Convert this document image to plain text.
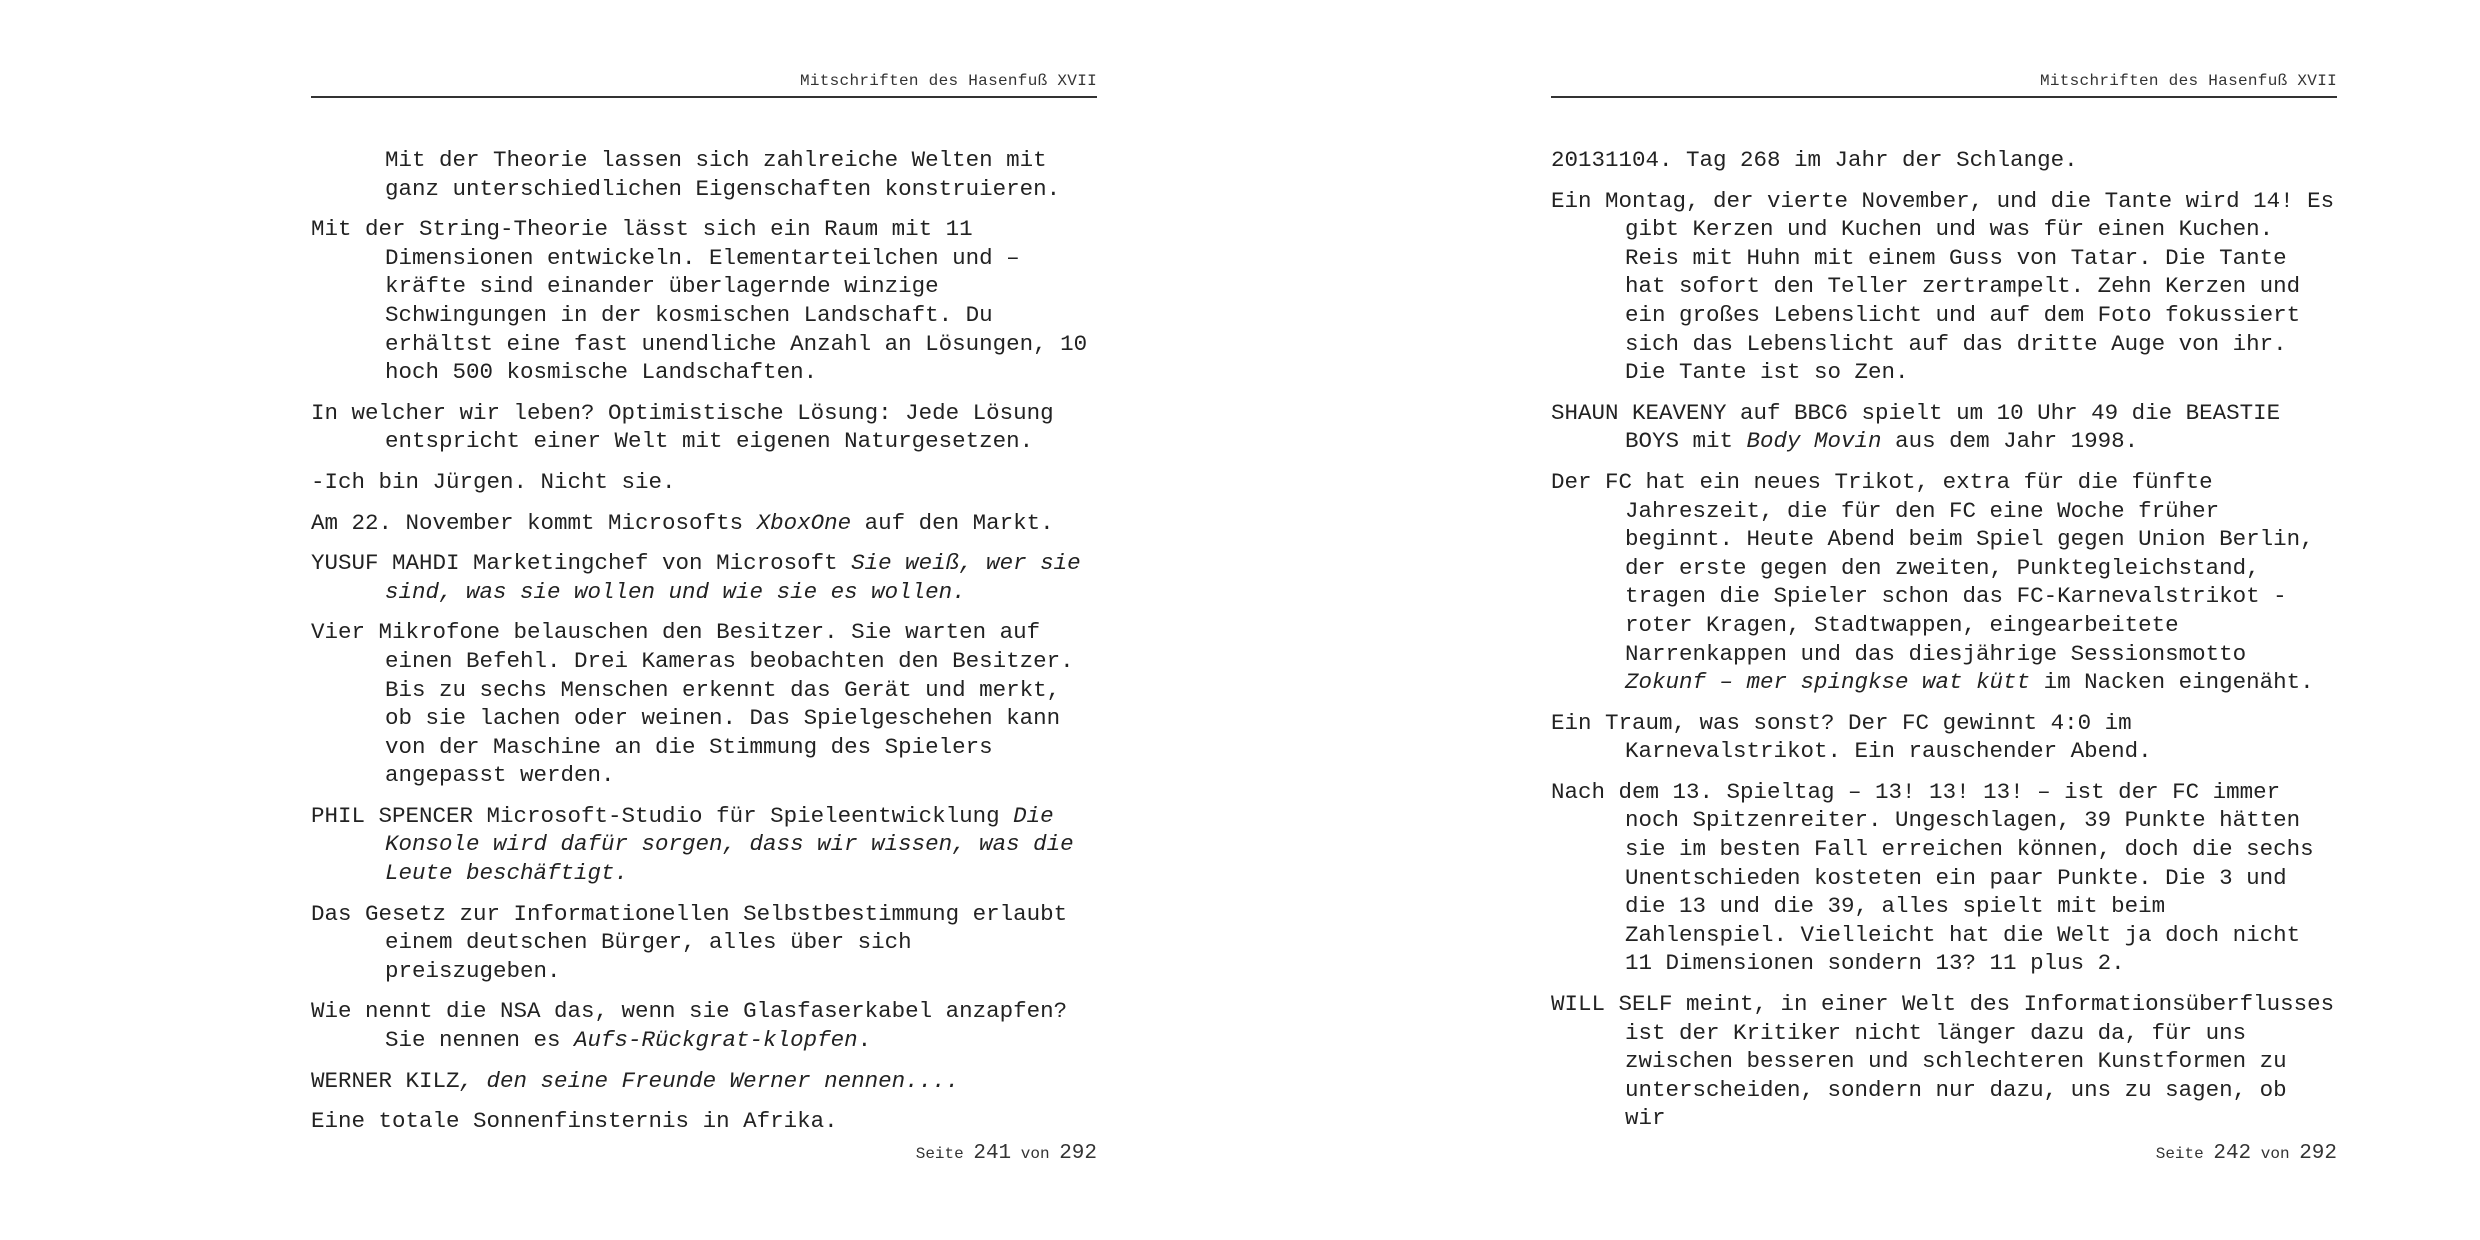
Mitschriften des Hasenfuß XVII

Mit der Theorie lassen sich zahlreiche Welten mit ganz unterschiedlichen Eigenschaften konstruieren.

Mit der String-Theorie lässt sich ein Raum mit 11 Dimensionen entwickeln. Elementarteilchen und –kräfte sind einander überlagernde winzige Schwingungen in der kosmischen Landschaft. Du erhältst eine fast unendliche Anzahl an Lösungen, 10 hoch 500 kosmische Landschaften.

In welcher wir leben? Optimistische Lösung: Jede Lösung entspricht einer Welt mit eigenen Naturgesetzen.

-Ich bin Jürgen. Nicht sie.

Am 22. November kommt Microsofts XboxOne auf den Markt.

YUSUF MAHDI Marketingchef von Microsoft Sie weiß, wer sie sind, was sie wollen und wie sie es wollen.

Vier Mikrofone belauschen den Besitzer. Sie warten auf einen Befehl. Drei Kameras beobachten den Besitzer. Bis zu sechs Menschen erkennt das Gerät und merkt, ob sie lachen oder weinen. Das Spielgeschehen kann von der Maschine an die Stimmung des Spielers angepasst werden.

PHIL SPENCER Microsoft-Studio für Spieleentwicklung Die Konsole wird dafür sorgen, dass wir wissen, was die Leute beschäftigt.

Das Gesetz zur Informationellen Selbstbestimmung erlaubt einem deutschen Bürger, alles über sich preiszugeben.

Wie nennt die NSA das, wenn sie Glasfaserkabel anzapfen? Sie nennen es Aufs-Rückgrat-klopfen.

WERNER KILZ, den seine Freunde Werner nennen....

Eine totale Sonnenfinsternis in Afrika.

Seite 241 von 292
Mitschriften des Hasenfuß XVII

20131104. Tag 268 im Jahr der Schlange.

Ein Montag, der vierte November, und die Tante wird 14! Es gibt Kerzen und Kuchen und was für einen Kuchen. Reis mit Huhn mit einem Guss von Tatar. Die Tante hat sofort den Teller zertrampelt. Zehn Kerzen und ein großes Lebenslicht und auf dem Foto fokussiert sich das Lebenslicht auf das dritte Auge von ihr. Die Tante ist so Zen.

SHAUN KEAVENY auf BBC6 spielt um 10 Uhr 49 die BEASTIE BOYS mit Body Movin aus dem Jahr 1998.

Der FC hat ein neues Trikot, extra für die fünfte Jahreszeit, die für den FC eine Woche früher beginnt. Heute Abend beim Spiel gegen Union Berlin, der erste gegen den zweiten, Punktegleichstand, tragen die Spieler schon das FC-Karnevalstrikot - roter Kragen, Stadtwappen, eingearbeitete Narrenkappen und das diesjährige Sessionsmotto Zokunf – mer spingkse wat kütt im Nacken eingenäht.

Ein Traum, was sonst? Der FC gewinnt 4:0 im Karnevalstrikot. Ein rauschender Abend.

Nach dem 13. Spieltag – 13! 13! 13! – ist der FC immer noch Spitzenreiter. Ungeschlagen, 39 Punkte hätten sie im besten Fall erreichen können, doch die sechs Unentschieden kosteten ein paar Punkte. Die 3 und die 13 und die 39, alles spielt mit beim Zahlenspiel. Vielleicht hat die Welt ja doch nicht 11 Dimensionen sondern 13? 11 plus 2.

WILL SELF meint, in einer Welt des Informationsüberflusses ist der Kritiker nicht länger dazu da, für uns zwischen besseren und schlechteren Kunstformen zu unterscheiden, sondern nur dazu, uns zu sagen, ob wir

Seite 242 von 292
